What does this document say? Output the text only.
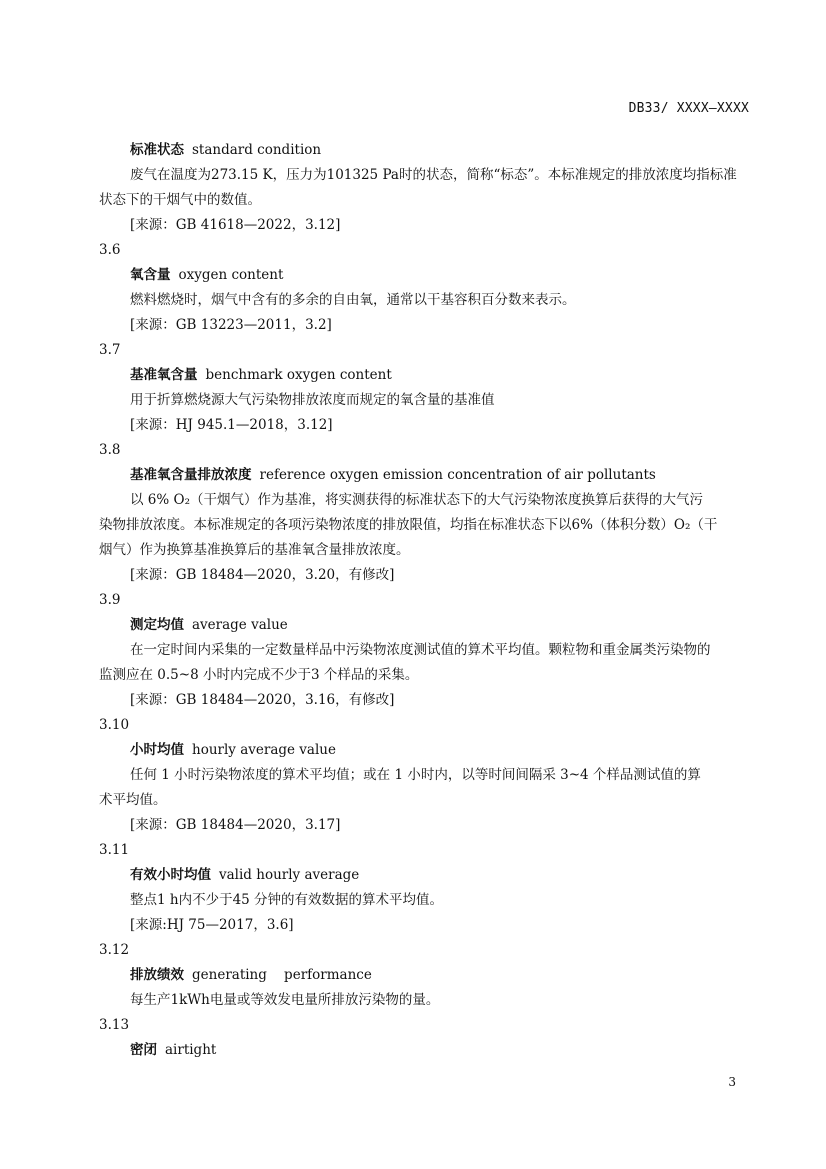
DB33/ XXXX—XXXX
标准状态 standard condition
废气在温度为273.15 K，压力为101325 Pa时的状态，简称“标态”。本标准规定的排放浓度均指标准
状态下的干烟气中的数值。
[来源：GB 41618—2022，3.12]
3.6
氧含量 oxygen content
燃料燃烧时，烟气中含有的多余的自由氧，通常以干基容积百分数来表示。
[来源：GB 13223—2011，3.2]
3.7
基准氧含量 benchmark oxygen content
用于折算燃烧源大气污染物排放浓度而规定的氧含量的基准值
[来源：HJ 945.1—2018，3.12]
3.8
基准氧含量排放浓度 reference oxygen emission concentration of air pollutants
以 6% O₂（干烟气）作为基准，将实测获得的标准状态下的大气污染物浓度换算后获得的大气污
染物排放浓度。本标准规定的各项污染物浓度的排放限值，均指在标准状态下以6%（体积分数）O₂（干
烟气）作为换算基准换算后的基准氧含量排放浓度。
[来源：GB 18484—2020，3.20，有修改]
3.9
测定均值 average value
在一定时间内采集的一定数量样品中污染物浓度测试值的算术平均值。颗粒物和重金属类污染物的
监测应在 0.5~8 小时内完成不少于3 个样品的采集。
[来源：GB 18484—2020，3.16，有修改]
3.10
小时均值 hourly average value
任何 1 小时污染物浓度的算术平均值；或在 1 小时内，以等时间间隔采 3~4 个样品测试值的算
术平均值。
[来源：GB 18484—2020，3.17]
3.11
有效小时均值 valid hourly average
整点1 h内不少于45 分钟的有效数据的算术平均值。
[来源:HJ 75—2017，3.6]
3.12
排放绩效 generating    performance
每生产1kWh电量或等效发电量所排放污染物的量。
3.13
密闭 airtight
3
